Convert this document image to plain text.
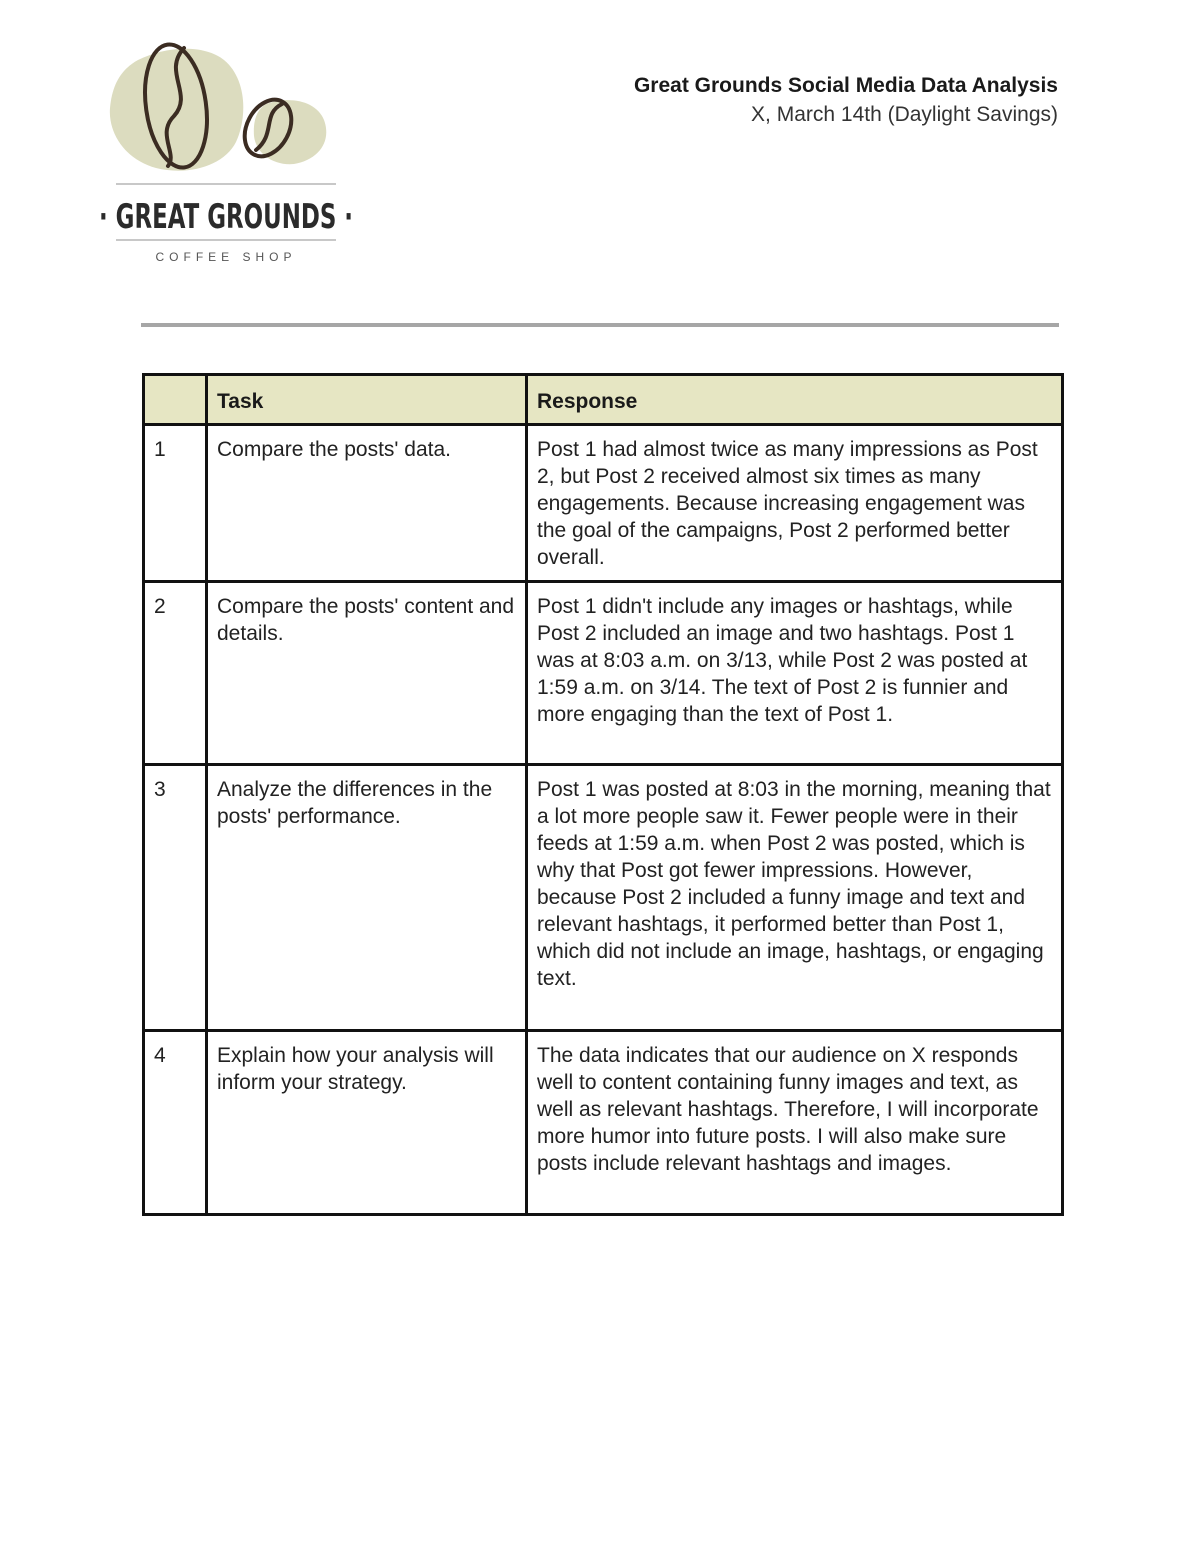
· GREAT GROUNDS ·
COFFEE SHOP
Great Grounds Social Media Data Analysis
X, March 14th (Daylight Savings)
	Task	Response
1	Compare the posts' data.	Post 1 had almost twice as many impressions as Post 2, but Post 2 received almost six times as many engagements. Because increasing engagement was the goal of the campaigns, Post 2 performed better overall.
2	Compare the posts' content and details.	Post 1 didn't include any images or hashtags, while Post 2 included an image and two hashtags. Post 1 was at 8:03 a.m. on 3/13, while Post 2 was posted at 1:59 a.m. on 3/14. The text of Post 2 is funnier and more engaging than the text of Post 1.
3	Analyze the differences in the posts' performance.	Post 1 was posted at 8:03 in the morning, meaning that a lot more people saw it. Fewer people were in their feeds at 1:59 a.m. when Post 2 was posted, which is why that Post got fewer impressions. However, because Post 2 included a funny image and text and relevant hashtags, it performed better than Post 1, which did not include an image, hashtags, or engaging text.
4	Explain how your analysis will inform your strategy.	The data indicates that our audience on X responds well to content containing funny images and text, as well as relevant hashtags. Therefore, I will incorporate more humor into future posts. I will also make sure posts include relevant hashtags and images.
